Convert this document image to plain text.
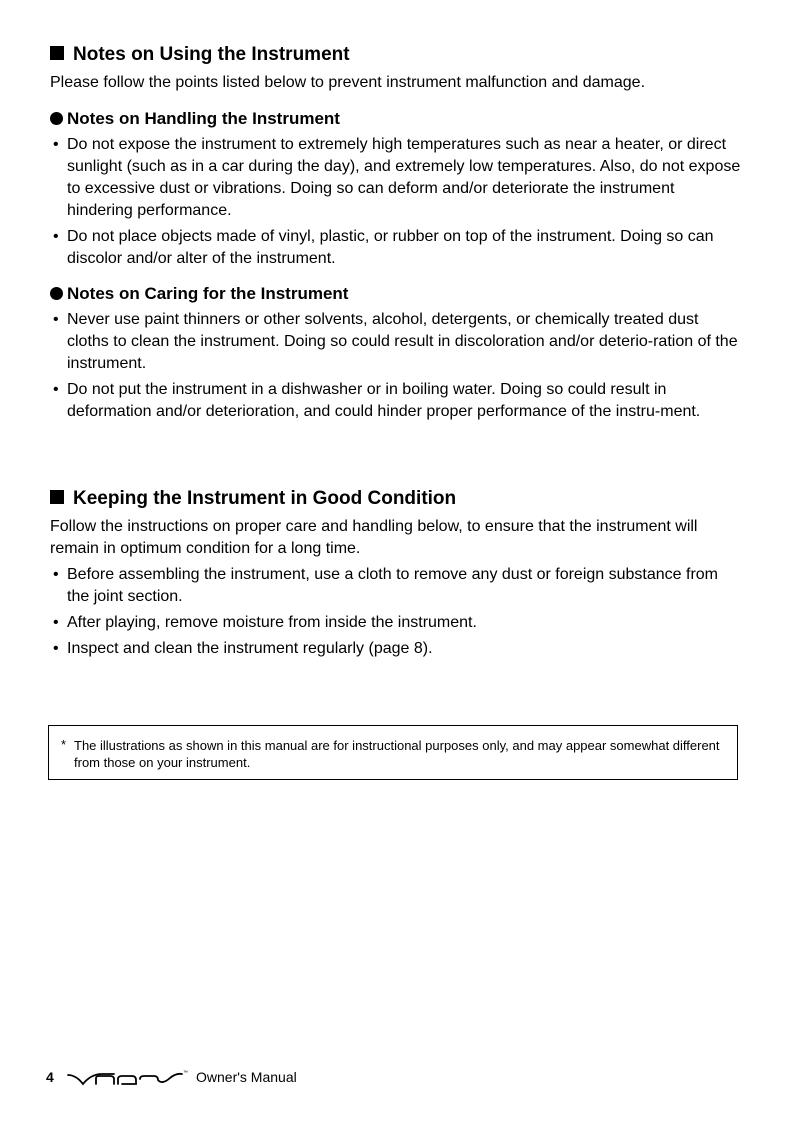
Notes on Using the Instrument

Please follow the points listed below to prevent instrument malfunction and damage.

Notes on Handling the Instrument
• Do not expose the instrument to extremely high temperatures such as near a heater, or direct sunlight (such as in a car during the day), and extremely low temperatures. Also, do not expose to excessive dust or vibrations. Doing so can deform and/or deteriorate the instrument hindering performance.
• Do not place objects made of vinyl, plastic, or rubber on top of the instrument. Doing so can discolor and/or alter of the instrument.
Notes on Caring for the Instrument
• Never use paint thinners or other solvents, alcohol, detergents, or chemically treated dust cloths to clean the instrument. Doing so could result in discoloration and/or deterio-ration of the instrument.
• Do not put the instrument in a dishwasher or in boiling water. Doing so could result in deformation and/or deterioration, and could hinder proper performance of the instru-ment.
Keeping the Instrument in Good Condition

Follow the instructions on proper care and handling below, to ensure that the instrument will remain in optimum condition for a long time.

• Before assembling the instrument, use a cloth to remove any dust or foreign substance from the joint section.
• After playing, remove moisture from inside the instrument.
• Inspect and clean the instrument regularly (page 8).
* The illustrations as shown in this manual are for instructional purposes only, and may appear somewhat different from those on your instrument.
4	™ Owner's Manual
